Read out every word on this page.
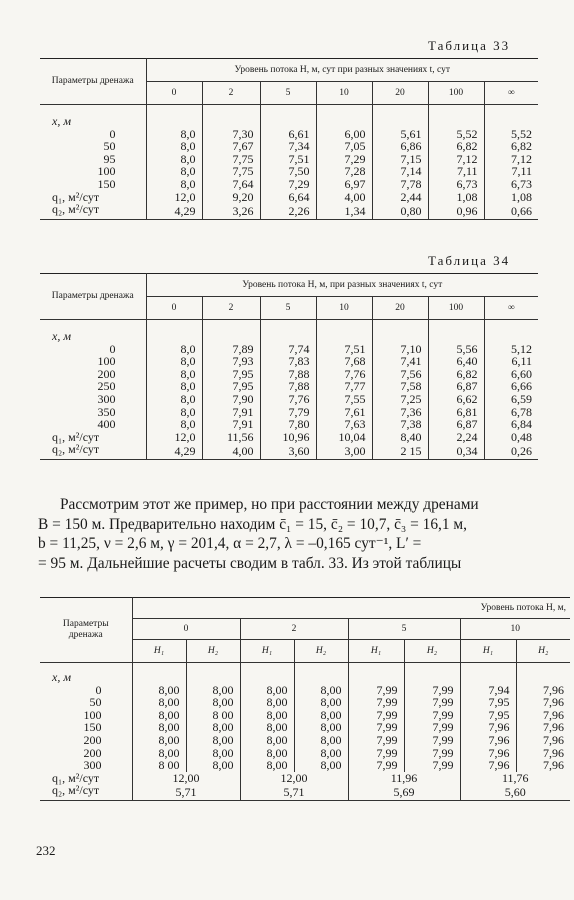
Таблица 33
Параметры дренажа	Уровень потока H, м, сут при разных значениях t, сут						
	0	2	5	10	20	100	∞
x, м							
0	8,0	7,30	6,61	6,00	5,61	5,52	5,52
50	8,0	7,67	7,34	7,05	6,86	6,82	6,82
95	8,0	7,75	7,51	7,29	7,15	7,12	7,12
100	8,0	7,75	7,50	7,28	7,14	7,11	7,11
150	8,0	7,64	7,29	6,97	7,78	6,73	6,73
q₁, м²/сут	12,0	9,20	6,64	4,00	2,44	1,08	1,08
q₂, м²/сут	4,29	3,26	2,26	1,34	0,80	0,96	0,66
Таблица 34
Параметры дренажа	Уровень потока H, м, при разных значениях t, сут						
	0	2	5	10	20	100	∞
x, м							
0	8,0	7,89	7,74	7,51	7,10	5,56	5,12
100	8,0	7,93	7,83	7,68	7,41	6,40	6,11
200	8,0	7,95	7,88	7,76	7,56	6,82	6,60
250	8,0	7,95	7,88	7,77	7,58	6,87	6,66
300	8,0	7,90	7,76	7,55	7,25	6,62	6,59
350	8,0	7,91	7,79	7,61	7,36	6,81	6,78
400	8,0	7,91	7,80	7,63	7,38	6,87	6,84
q₁, м²/сут	12,0	11,56	10,96	10,04	8,40	2,24	0,48
q₂, м²/сут	4,29	4,00	3,60	3,00	2 15	0,34	0,26
Рассмотрим этот же пример, но при расстоянии между дренами
B = 150 м. Предварительно находим c̄₁ = 15, c̄₂ = 10,7, c̄₃ = 16,1 м,
b = 11,25, ν = 2,6 м, γ = 201,4, α = 2,7, λ = –0,165 сут⁻¹, L′ =
= 95 м. Дальнейшие расчеты сводим в табл. 33. Из этой таблицы
Параметры дренажа	Уровень потока H, м,							
	0		2		5		10	
	H₁	H₂	H₁	H₂	H₁	H₂	H₁	H₂
x, м								
0	8,00	8,00	8,00	8,00	7,99	7,99	7,94	7,96
50	8,00	8,00	8,00	8,00	7,99	7,99	7,95	7,96
100	8,00	8 00	8,00	8,00	7,99	7,99	7,95	7,96
150	8,00	8,00	8,00	8,00	7,99	7,99	7,96	7,96
200	8,00	8,00	8,00	8,00	7,99	7,99	7,96	7,96
200	8,00	8,00	8,00	8,00	7,99	7,99	7,96	7,96
300	8 00	8,00	8,00	8,00	7,99	7,99	7,96	7,96
q₁, м²/сут	12,00		12,00		11,96		11,76	
q₂, м²/сут	5,71		5,71		5,69		5,60	
232
